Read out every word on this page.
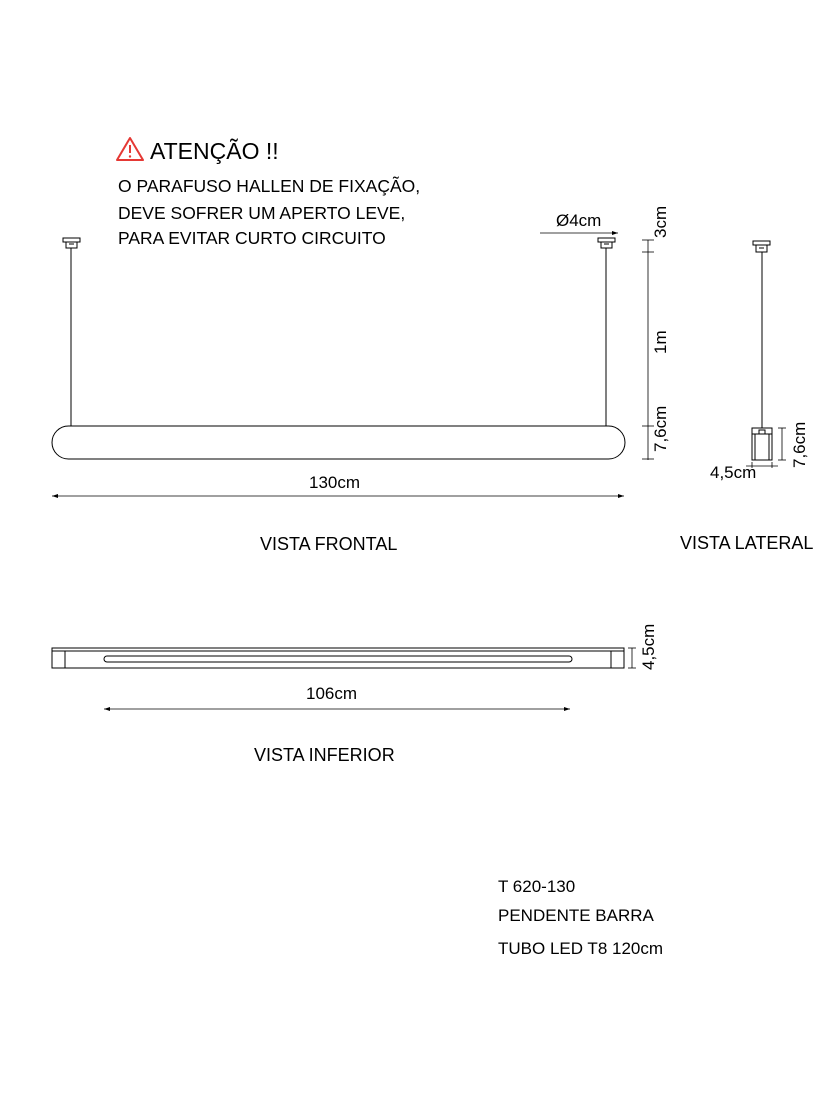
ATENÇÃO !!
O PARAFUSO HALLEN DE FIXAÇÃO,
DEVE SOFRER UM APERTO LEVE,
PARA EVITAR CURTO CIRCUITO
Ø4cm	3cm
1m
7,6cm
130cm
4,5cm
7,6cm
VISTA FRONTAL	VISTA LATERAL
4,5cm
106cm
VISTA INFERIOR
T 620-130
PENDENTE BARRA
TUBO LED T8 120cm
